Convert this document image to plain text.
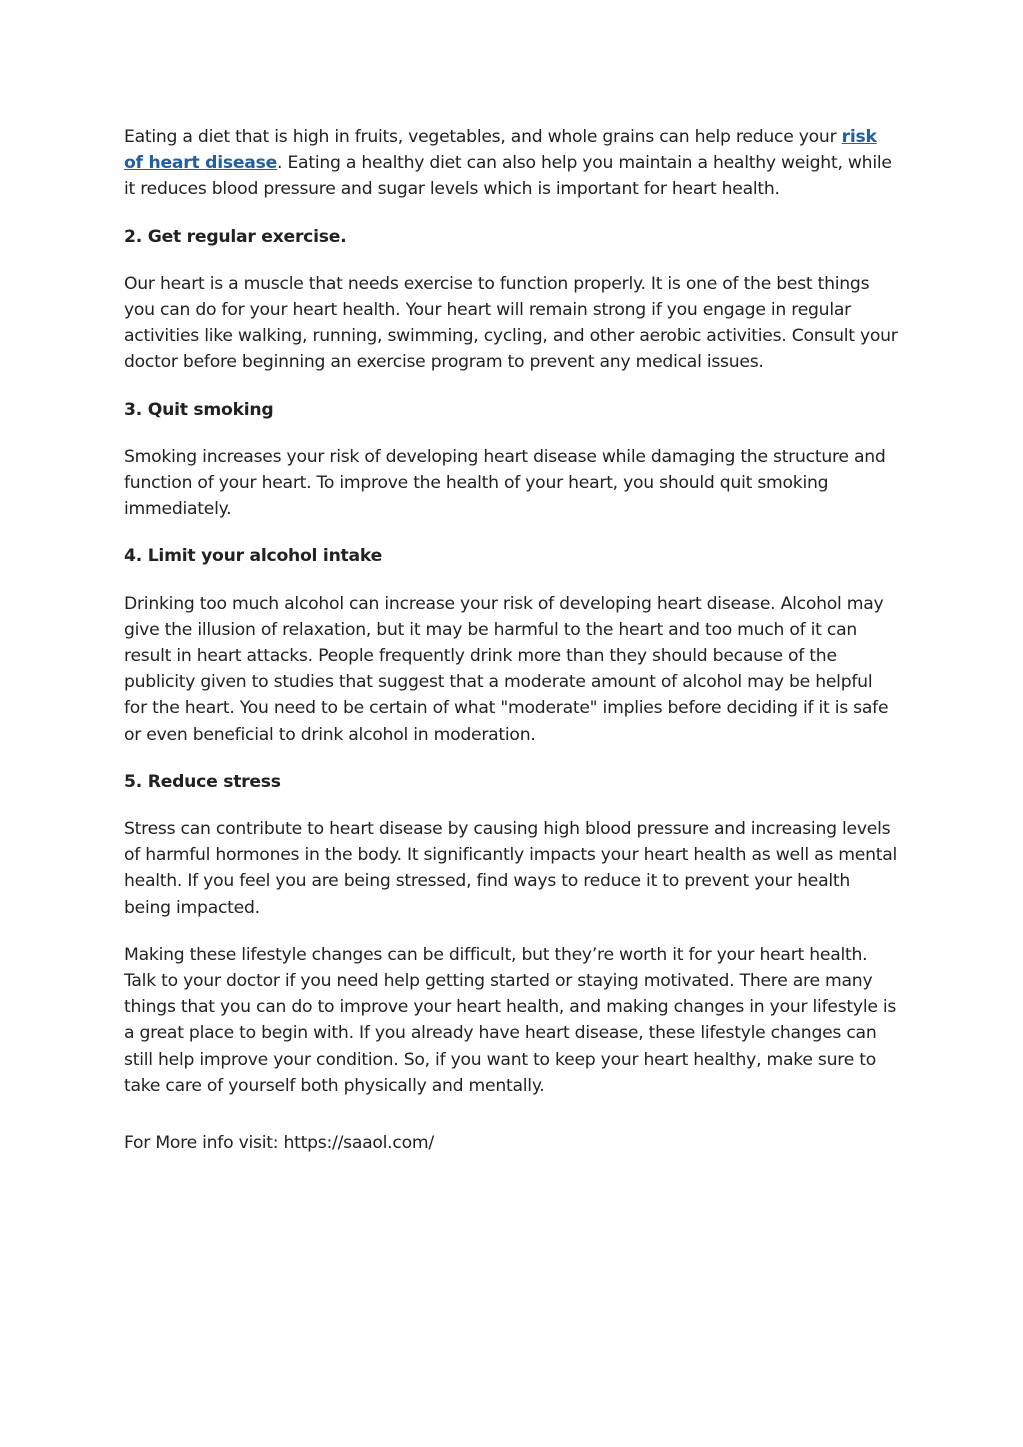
Eating a diet that is high in fruits, vegetables, and whole grains can help reduce your risk of heart disease. Eating a healthy diet can also help you maintain a healthy weight, while it reduces blood pressure and sugar levels which is important for heart health.

2. Get regular exercise.

Our heart is a muscle that needs exercise to function properly. It is one of the best things you can do for your heart health. Your heart will remain strong if you engage in regular activities like walking, running, swimming, cycling, and other aerobic activities. Consult your doctor before beginning an exercise program to prevent any medical issues.

3. Quit smoking

Smoking increases your risk of developing heart disease while damaging the structure and function of your heart. To improve the health of your heart, you should quit smoking immediately.

4. Limit your alcohol intake

Drinking too much alcohol can increase your risk of developing heart disease. Alcohol may give the illusion of relaxation, but it may be harmful to the heart and too much of it can result in heart attacks. People frequently drink more than they should because of the publicity given to studies that suggest that a moderate amount of alcohol may be helpful for the heart. You need to be certain of what "moderate" implies before deciding if it is safe or even beneficial to drink alcohol in moderation.

5. Reduce stress

Stress can contribute to heart disease by causing high blood pressure and increasing levels of harmful hormones in the body. It significantly impacts your heart health as well as mental health. If you feel you are being stressed, find ways to reduce it to prevent your health being impacted.

Making these lifestyle changes can be difficult, but they’re worth it for your heart health. Talk to your doctor if you need help getting started or staying motivated. There are many things that you can do to improve your heart health, and making changes in your lifestyle is a great place to begin with. If you already have heart disease, these lifestyle changes can still help improve your condition. So, if you want to keep your heart healthy, make sure to take care of yourself both physically and mentally.

For More info visit: https://saaol.com/
